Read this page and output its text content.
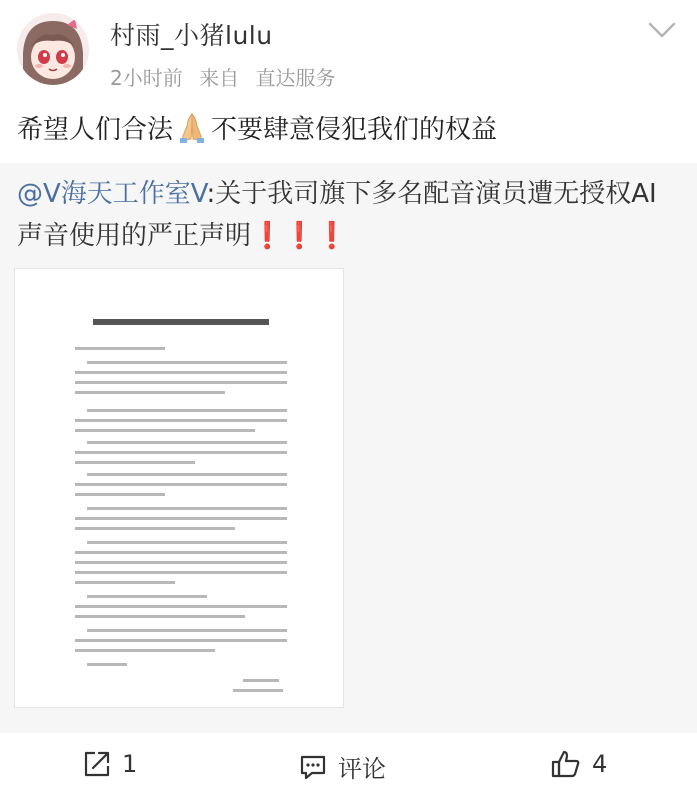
村雨_小猪lulu
2小时前 来自 直达服务
希望人们合法 不要肆意侵犯我们的权益
@V海天工作室V:关于我司旗下多名配音演员遭无授权AI声音使用的严正声明❗❗❗
1	评论	4
